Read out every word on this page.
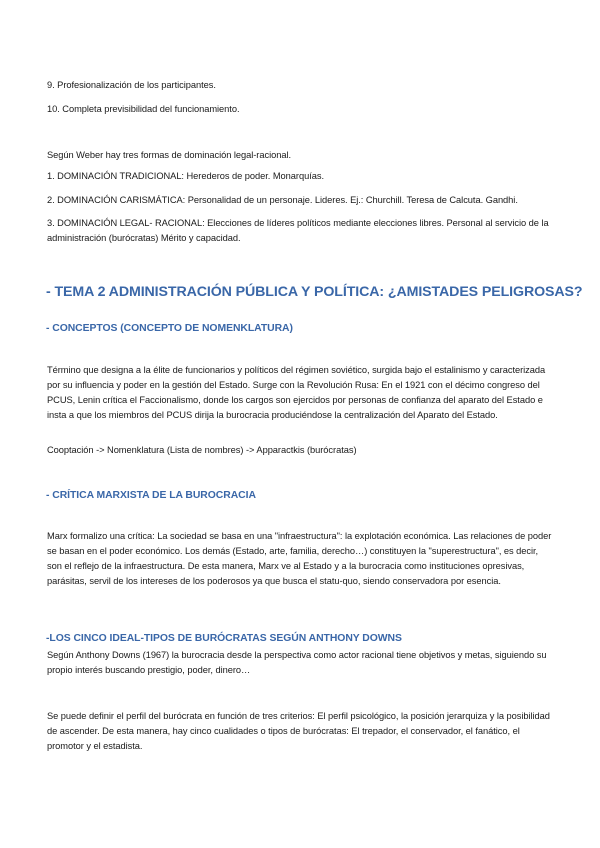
9. Profesionalización de los participantes.

10. Completa previsibilidad del funcionamiento.

Según Weber hay tres formas de dominación legal-racional.

1. DOMINACIÓN TRADICIONAL: Herederos de poder. Monarquías.

2. DOMINACIÓN CARISMÁTICA: Personalidad de un personaje. Lideres. Ej.: Churchill. Teresa de Calcuta. Gandhi.

3. DOMINACIÓN LEGAL- RACIONAL: Elecciones de líderes políticos mediante elecciones libres. Personal al servicio de la administración (burócratas) Mérito y capacidad.

- TEMA 2 ADMINISTRACIÓN PÚBLICA Y POLÍTICA: ¿AMISTADES PELIGROSAS?
- CONCEPTOS (CONCEPTO DE NOMENKLATURA)

Término que designa a la élite de funcionarios y políticos del régimen soviético, surgida bajo el estalinismo y caracterizada por su influencia y poder en la gestión del Estado. Surge con la Revolución Rusa: En el 1921 con el décimo congreso del PCUS, Lenin crítica el Faccionalismo, donde los cargos son ejercidos por personas de confianza del aparato del Estado e insta a que los miembros del PCUS dirija la burocracia produciéndose la centralización del Aparato del Estado.

Cooptación -> Nomenklatura (Lista de nombres) -> Apparactkis (burócratas)

- CRÍTICA MARXISTA DE LA BUROCRACIA

Marx formalizo una crítica: La sociedad se basa en una "infraestructura": la explotación económica. Las relaciones de poder se basan en el poder económico. Los demás (Estado, arte, familia, derecho…) constituyen la "superestructura", es decir, son el reflejo de la infraestructura. De esta manera, Marx ve al Estado y a la burocracia como instituciones opresivas, parásitas, servil de los intereses de los poderosos ya que busca el statu-quo, siendo conservadora por esencia.

-LOS CINCO IDEAL-TIPOS DE BURÓCRATAS SEGÚN ANTHONY DOWNS

Según Anthony Downs (1967) la burocracia desde la perspectiva como actor racional tiene objetivos y metas, siguiendo su propio interés buscando prestigio, poder, dinero…

Se puede definir el perfil del burócrata en función de tres criterios: El perfil psicológico, la posición jerarquiza y la posibilidad de ascender. De esta manera, hay cinco cualidades o tipos de burócratas: El trepador, el conservador, el fanático, el promotor y el estadista.
